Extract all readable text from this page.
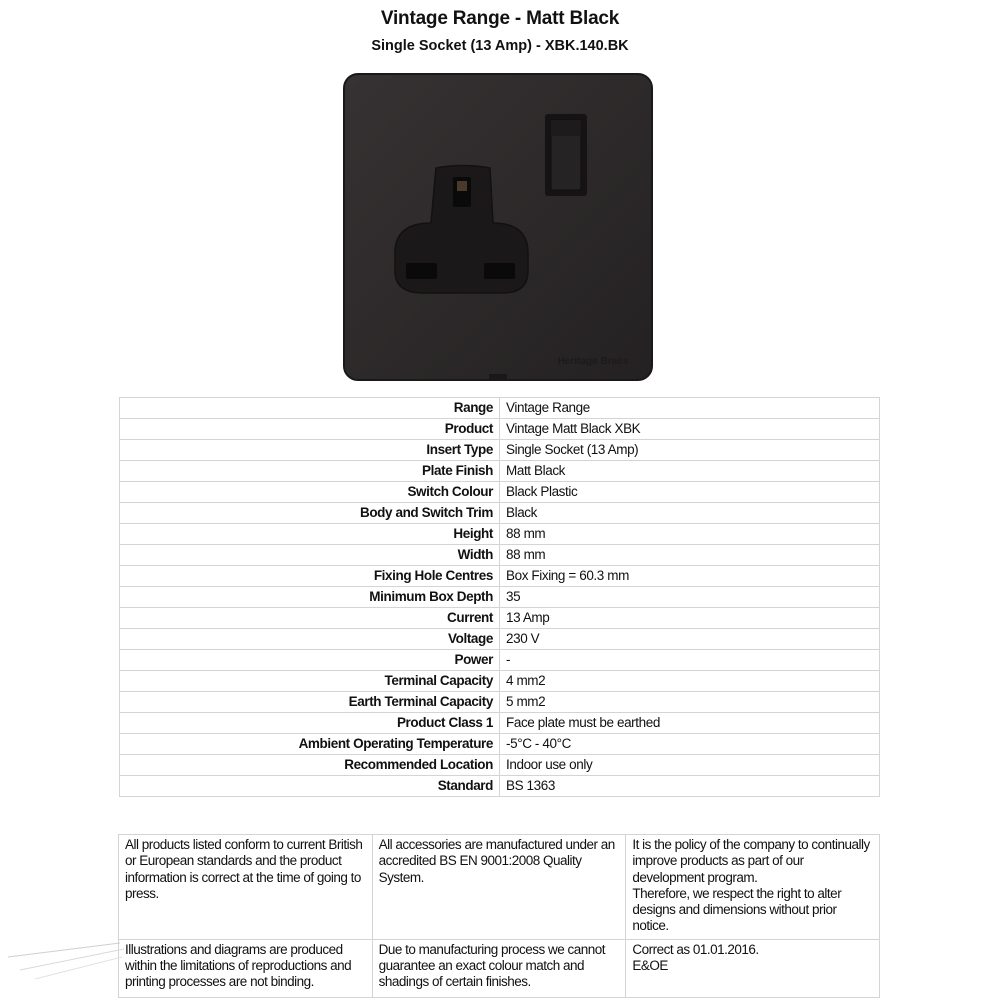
Vintage Range - Matt Black
Single Socket (13 Amp) - XBK.140.BK
Heritage Brass
Range	Vintage Range
Product	Vintage Matt Black XBK
Insert Type	Single Socket (13 Amp)
Plate Finish	Matt Black
Switch Colour	Black Plastic
Body and Switch Trim	Black
Height	88 mm
Width	88 mm
Fixing Hole Centres	Box Fixing = 60.3 mm
Minimum Box Depth	35
Current	13 Amp
Voltage	230 V
Power	-
Terminal Capacity	4 mm2
Earth Terminal Capacity	5 mm2
Product Class 1	Face plate must be earthed
Ambient Operating Temperature	-5°C - 40°C
Recommended Location	Indoor use only
Standard	BS 1363
All products listed conform to current British or European standards and the product information is correct at the time of going to press.	All accessories are manufactured under an accredited BS EN 9001:2008 Quality System.	It is the policy of the company to continually improve products as part of our development program.
Therefore, we respect the right to alter designs and dimensions without prior notice.

Illustrations and diagrams are produced within the limitations of reproductions and printing processes are not binding.	Due to manufacturing process we cannot guarantee an exact colour match and shadings of certain finishes.	Correct as 01.01.2016.
E&OE
